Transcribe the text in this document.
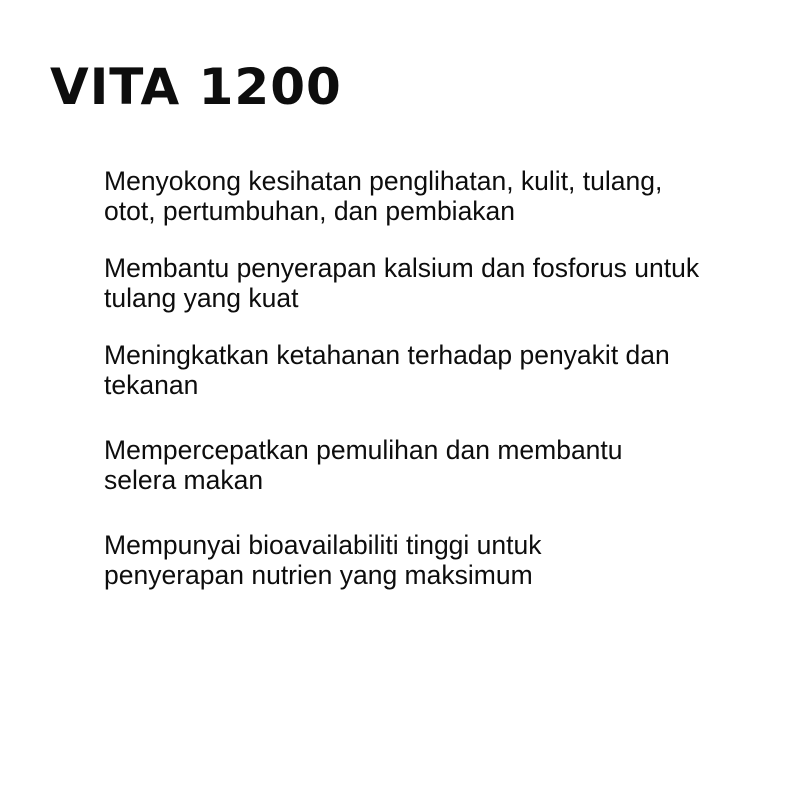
VITA 1200
Menyokong kesihatan penglihatan, kulit, tulang,
otot, pertumbuhan, dan pembiakan
Membantu penyerapan kalsium dan fosforus untuk
tulang yang kuat
Meningkatkan ketahanan terhadap penyakit dan
tekanan
Mempercepatkan pemulihan dan membantu
selera makan
Mempunyai bioavailabiliti tinggi untuk
penyerapan nutrien yang maksimum
